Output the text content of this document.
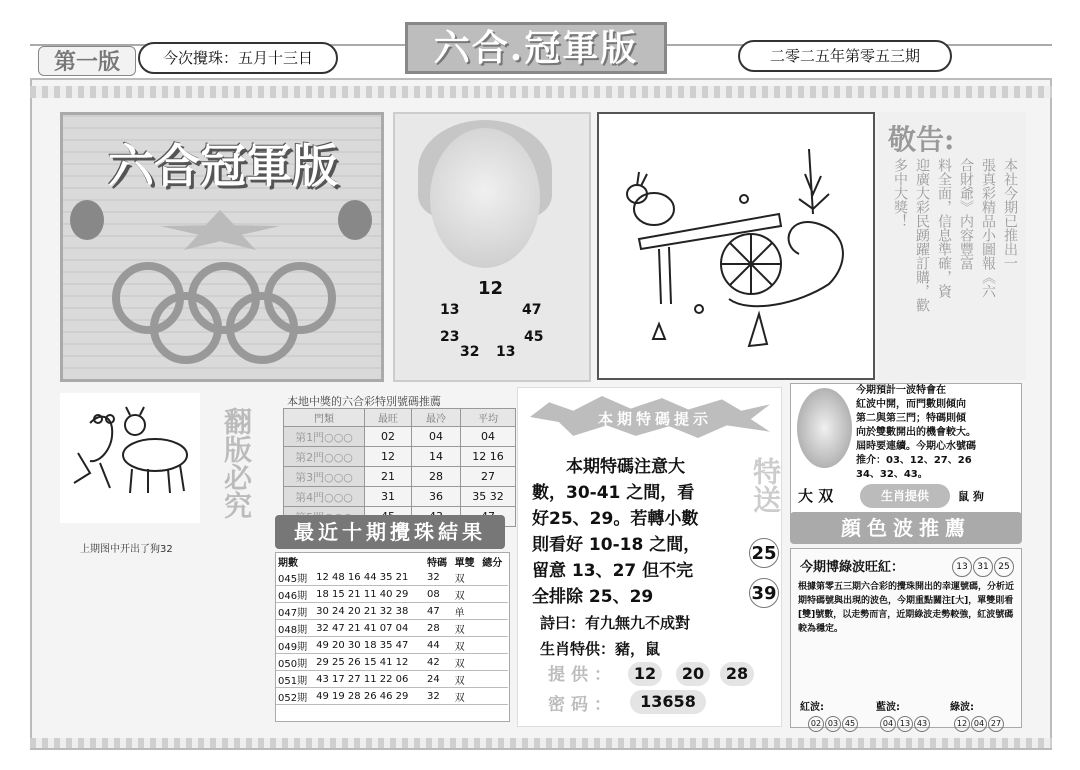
第一版	今次攪珠：五月十三日	六合.冠軍版	二零二五年第零五三期
六合冠軍版
12
13	47
23	45
32 13
敬告:
本社今期已推出一
張真彩精品小圖報《六
合財爺》内容豐富
料全面，信息準確，資
迎廣大彩民踴躍訂購，歡
多中大獎！
上期图中开出了狗32
翻版必究
本地中獎的六合彩特別號碼推薦
門類	最旺	最冷	平均
第1門○○○	02	04	04
第2門○○○	12	14	12 16
第3門○○○	21	28	27
第4門○○○	31	36	35 32

最近十期攪珠結果
期數		特碼	單雙	總分
045期	12 48 16 44 35 21	32	双	
046期	18 15 21 11 40 29	08	双	
047期	30 24 20 21 32 38	47	单	
048期	32 47 21 41 07 04	28	双	
049期	49 20 30 18 35 47	44	双	
050期	29 25 26 15 41 12	42	双	
051期	43 17 27 11 22 06	24	双	
052期	49 19 28 26 46 29	32	双	
本期特碼提示
本期特碼注意大
數，30-41 之間，看
好25、29。若轉小數
則看好 10-18 之間，
留意 13、27 但不完
全排除 25、29
詩曰：有九無九不成對
生肖特供：豬，鼠
特送
25
39
提供：	12	20	28
密码：	13658
今期預計一波特會在
紅波中開，而門數則傾向
第二與第三門；特碼則傾
向於雙數開出的機會較大。
屆時要連續。今期心水號碼
推介：03、12、27、26
34、32、43。
大 双	生肖提供	鼠 狗
顔色波推薦
今期博綠波旺紅：	13 31 25
根據第零五三期六合彩的攪珠開出的幸運號碼，分析近期特碼號與出現的波色，今期重點關注[大]，單雙則看[雙]號數，以走勢而言，近期綠波走勢較強，紅波號碼較為穩定。
紅波:	藍波:	綠波:
02 03 45	04 13 43	12 04 27
